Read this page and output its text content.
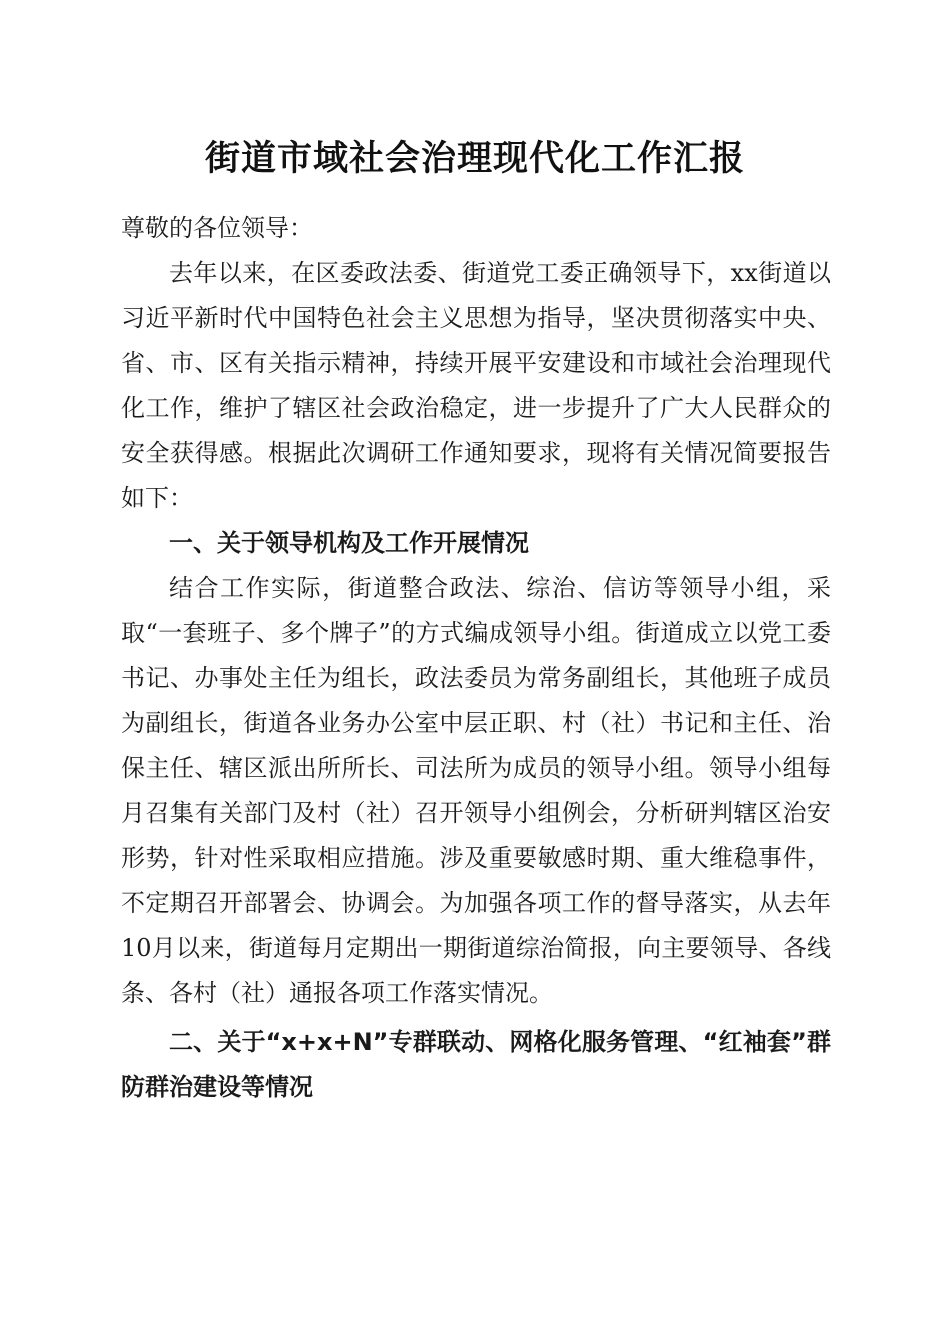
街道市域社会治理现代化工作汇报

尊敬的各位领导：

去年以来，在区委政法委、街道党工委正确领导下，xx街道以习近平新时代中国特色社会主义思想为指导，坚决贯彻落实中央、省、市、区有关指示精神，持续开展平安建设和市域社会治理现代化工作，维护了辖区社会政治稳定，进一步提升了广大人民群众的安全获得感。根据此次调研工作通知要求，现将有关情况简要报告如下：

一、关于领导机构及工作开展情况

结合工作实际，街道整合政法、综治、信访等领导小组，采取“一套班子、多个牌子”的方式编成领导小组。街道成立以党工委书记、办事处主任为组长，政法委员为常务副组长，其他班子成员为副组长，街道各业务办公室中层正职、村（社）书记和主任、治保主任、辖区派出所所长、司法所为成员的领导小组。领导小组每月召集有关部门及村（社）召开领导小组例会，分析研判辖区治安形势，针对性采取相应措施。涉及重要敏感时期、重大维稳事件，不定期召开部署会、协调会。为加强各项工作的督导落实，从去年10月以来，街道每月定期出一期街道综治简报，向主要领导、各线条、各村（社）通报各项工作落实情况。

二、关于“x+x+N”专群联动、网格化服务管理、“红袖套”群防群治建设等情况
